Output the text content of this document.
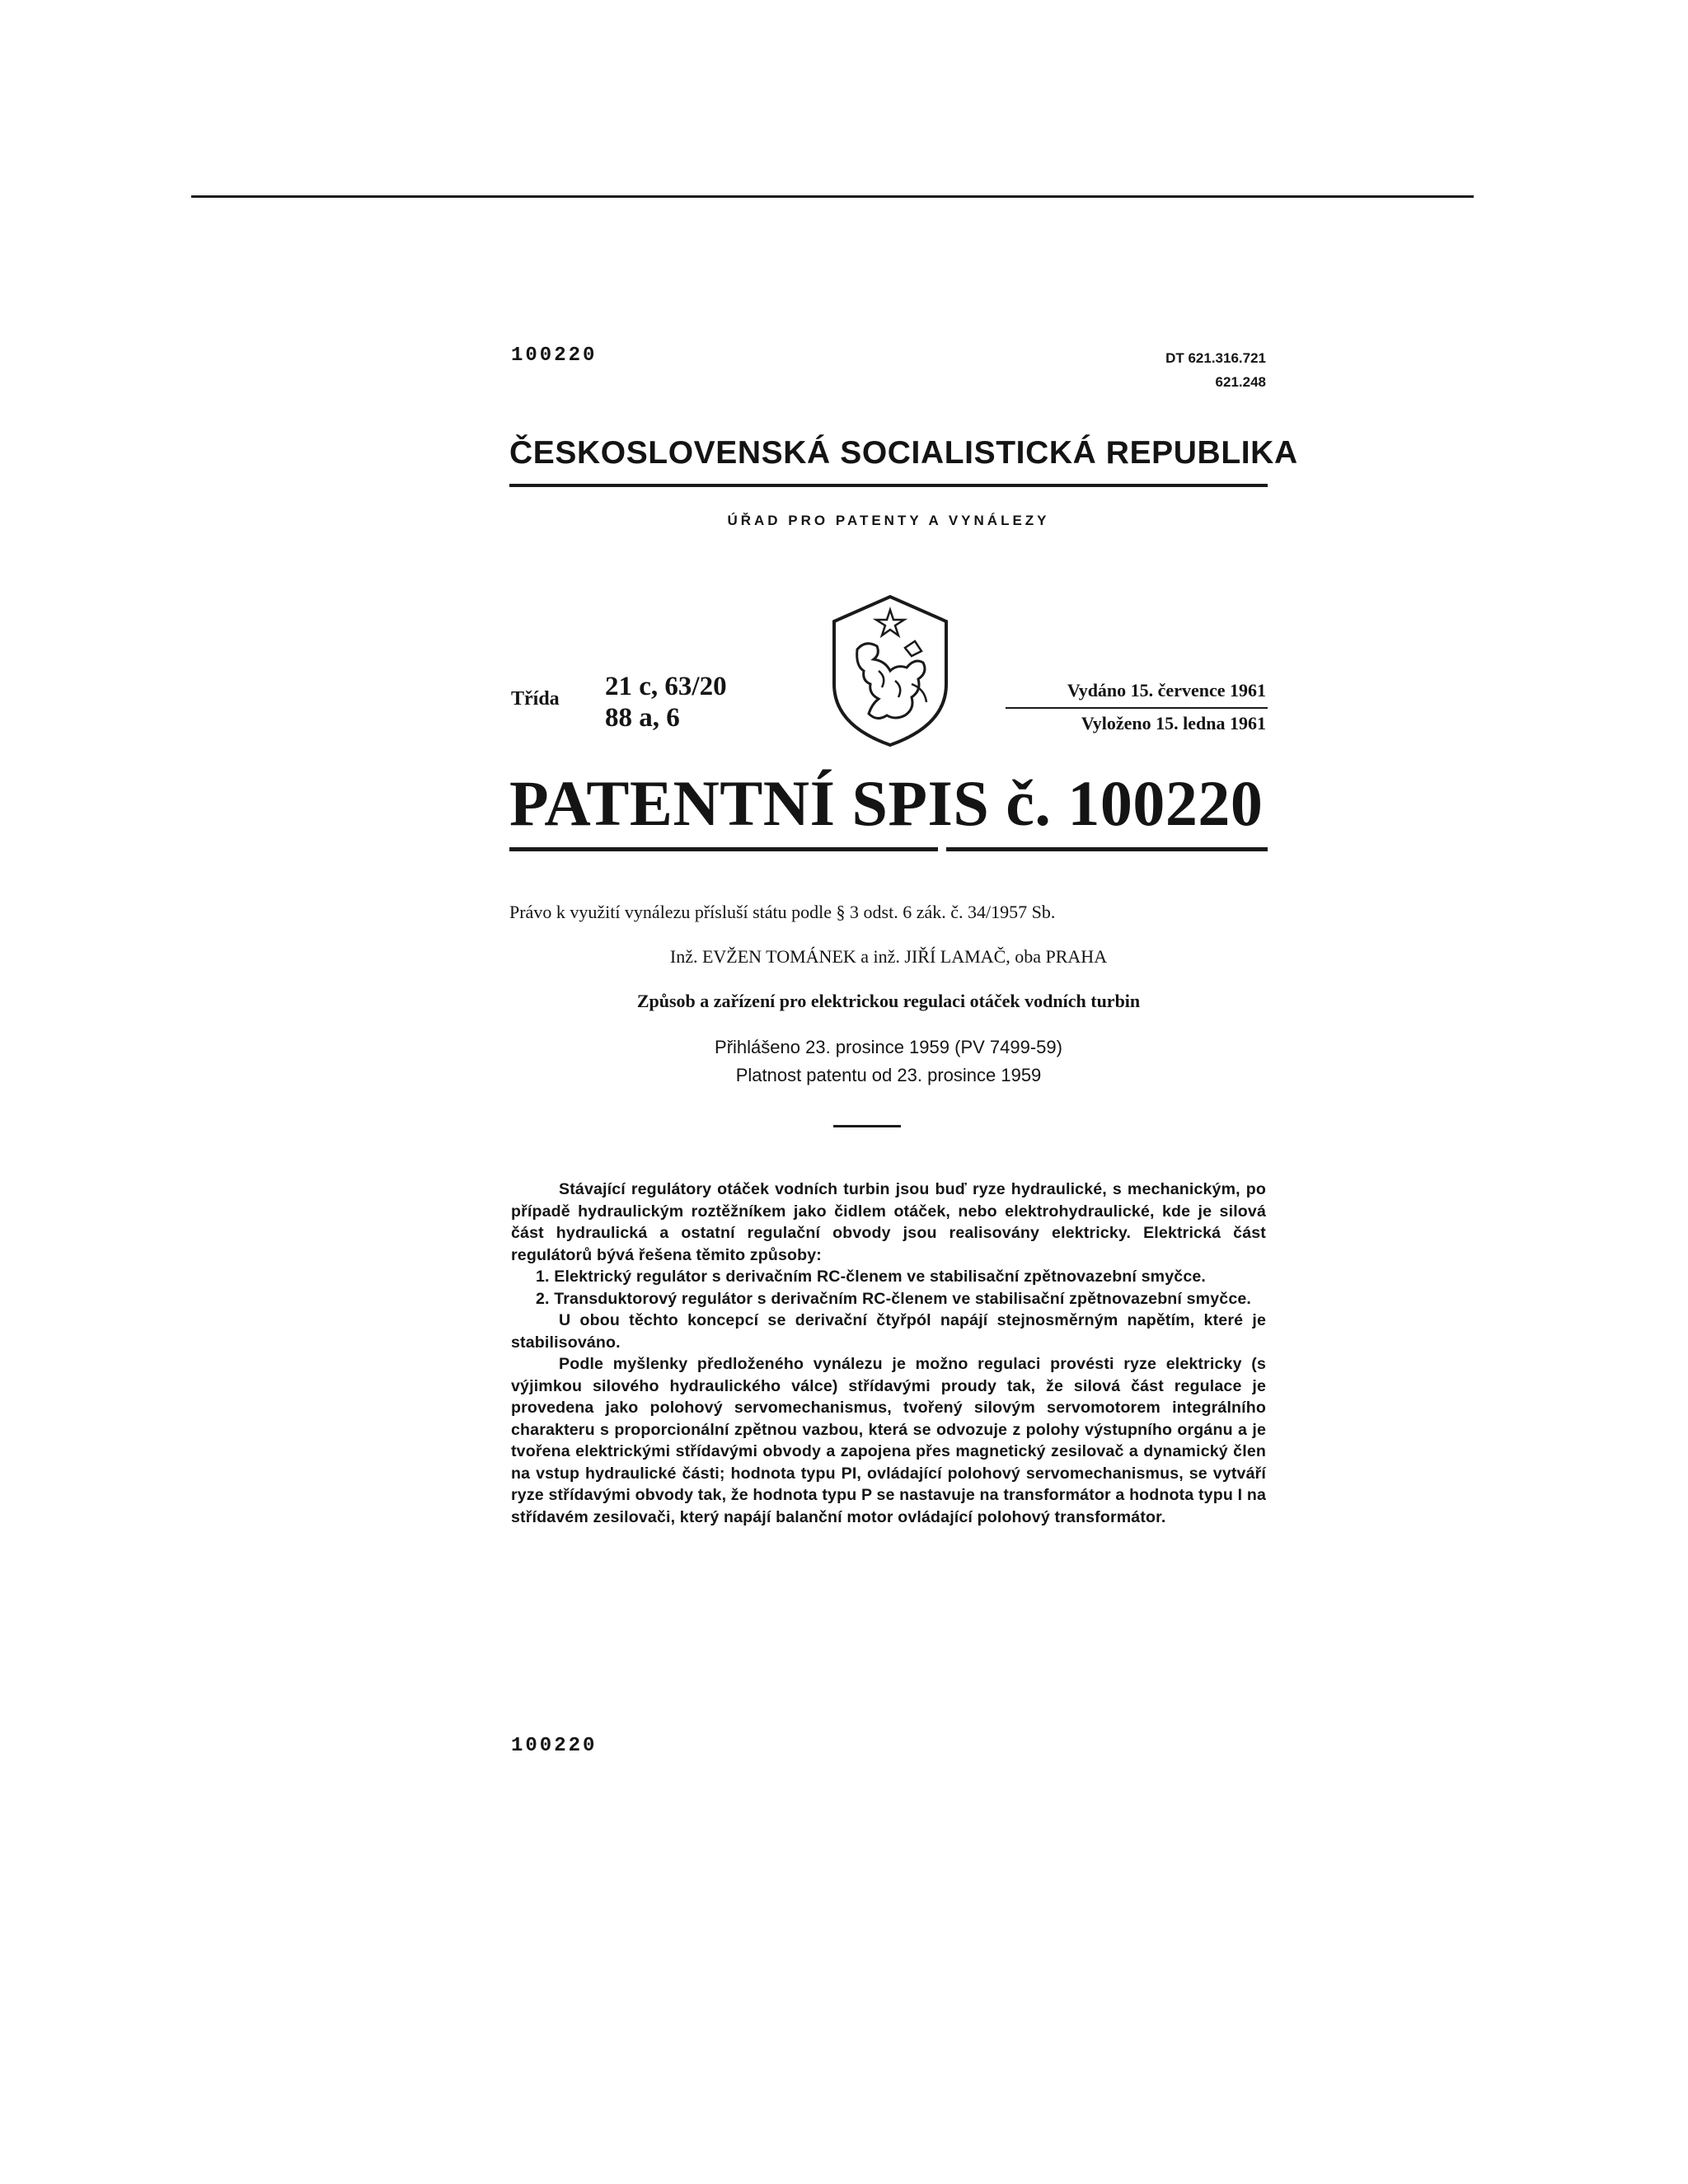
100220	DT 621.316.721
621.248
ČESKOSLOVENSKÁ SOCIALISTICKÁ REPUBLIKA
ÚŘAD PRO PATENTY A VYNÁLEZY
Třída 21 c, 63/20
88 a, 6
Vydáno 15. července 1961
Vyloženo 15. ledna 1961
PATENTNÍ SPIS č. 100220
Právo k využití vynálezu přísluší státu podle § 3 odst. 6 zák. č. 34/1957 Sb.
Inž. EVŽEN TOMÁNEK a inž. JIŘÍ LAMAČ, oba PRAHA
Způsob a zařízení pro elektrickou regulaci otáček vodních turbin
Přihlášeno 23. prosince 1959 (PV 7499-59)
Platnost patentu od 23. prosince 1959

Stávající regulátory otáček vodních turbin jsou buď ryze hydraulické, s mechanickým, po případě hydraulickým roztěžníkem jako čidlem otáček, nebo elektrohydraulické, kde je silová část hydraulická a ostatní regulační obvody jsou realisovány elektricky. Elektrická část regulátorů bývá řešena těmito způsoby:

1. Elektrický regulátor s derivačním RC-členem ve stabilisační zpětnovazební smyčce.

2. Transduktorový regulátor s derivačním RC-členem ve stabilisační zpětnovazební smyčce.

U obou těchto koncepcí se derivační čtyřpól napájí stejnosměrným napětím, které je stabilisováno.

Podle myšlenky předloženého vynálezu je možno regulaci provésti ryze elektricky (s výjimkou silového hydraulického válce) střídavými proudy tak, že silová část regulace je provedena jako polohový servomechanismus, tvořený silovým servomotorem integrálního charakteru s proporcionální zpětnou vazbou, která se odvozuje z polohy výstupního orgánu a je tvořena elektrickými střídavými obvody a zapojena přes magnetický zesilovač a dynamický člen na vstup hydraulické části; hodnota typu PI, ovládající polohový servomechanismus, se vytváří ryze střídavými obvody tak, že hodnota typu P se nastavuje na transformátor a hodnota typu I na střídavém zesilovači, který napájí balanční motor ovládající polohový transformátor.

100220
